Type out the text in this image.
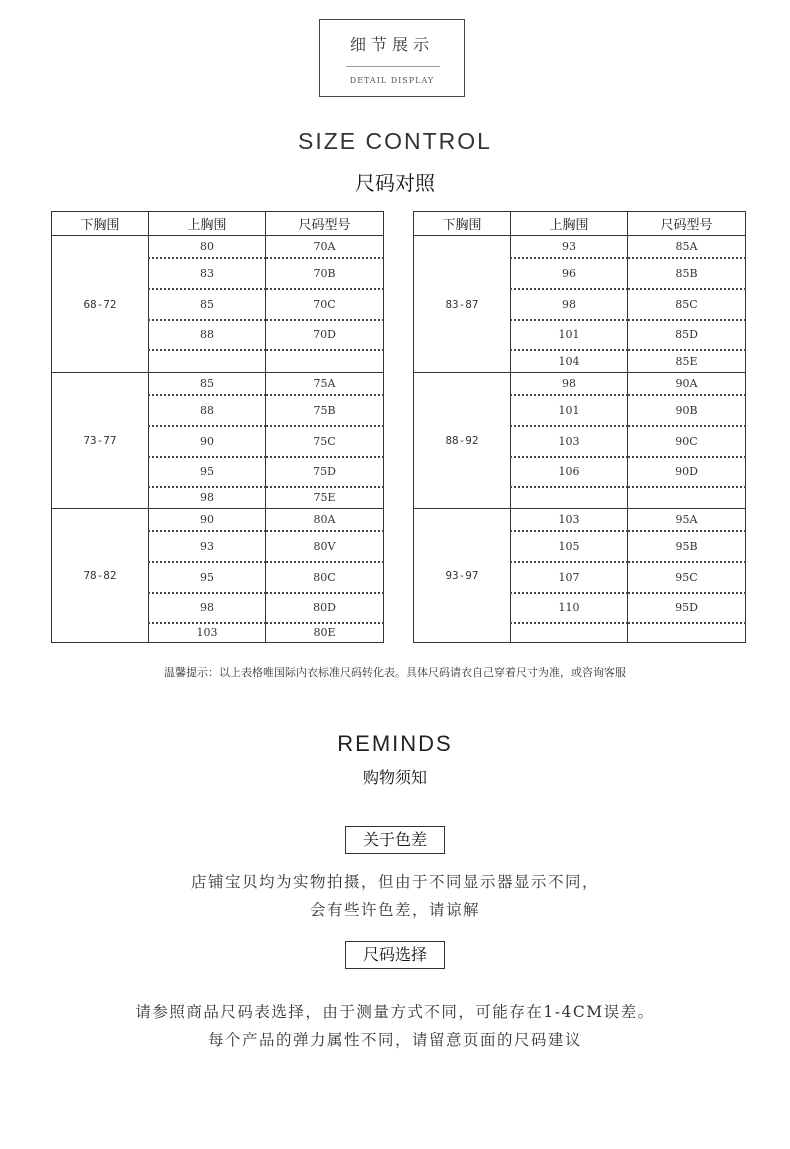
细节展示
DETAIL DISPLAY
SIZE CONTROL
尺码对照
下胸围	上胸围	尺码型号
68-72	80	70A
	83	70B
	85	70C
	88	70D

73-77	85	75A
	88	75B
	90	75C
	95	75D
	98	75E
78-82	90	80A
	93	80V
	95	80C
	98	80D
	103	80E
下胸围	上胸围	尺码型号
83-87	93	85A
	96	85B
	98	85C
	101	85D
	104	85E
88-92	98	90A
	101	90B
	103	90C
	106	90D

93-97	103	95A
	105	95B
	107	95C
	110	95D

温馨提示：以上表格唯国际内衣标准尺码转化表。具体尺码请衣自己穿着尺寸为准，或咨询客服
REMINDS
购物须知
关于色差
店铺宝贝均为实物拍摄，但由于不同显示器显示不同，
会有些许色差，请谅解
尺码选择
请参照商品尺码表选择，由于测量方式不同，可能存在1-4CM误差。
每个产品的弹力属性不同，请留意页面的尺码建议
